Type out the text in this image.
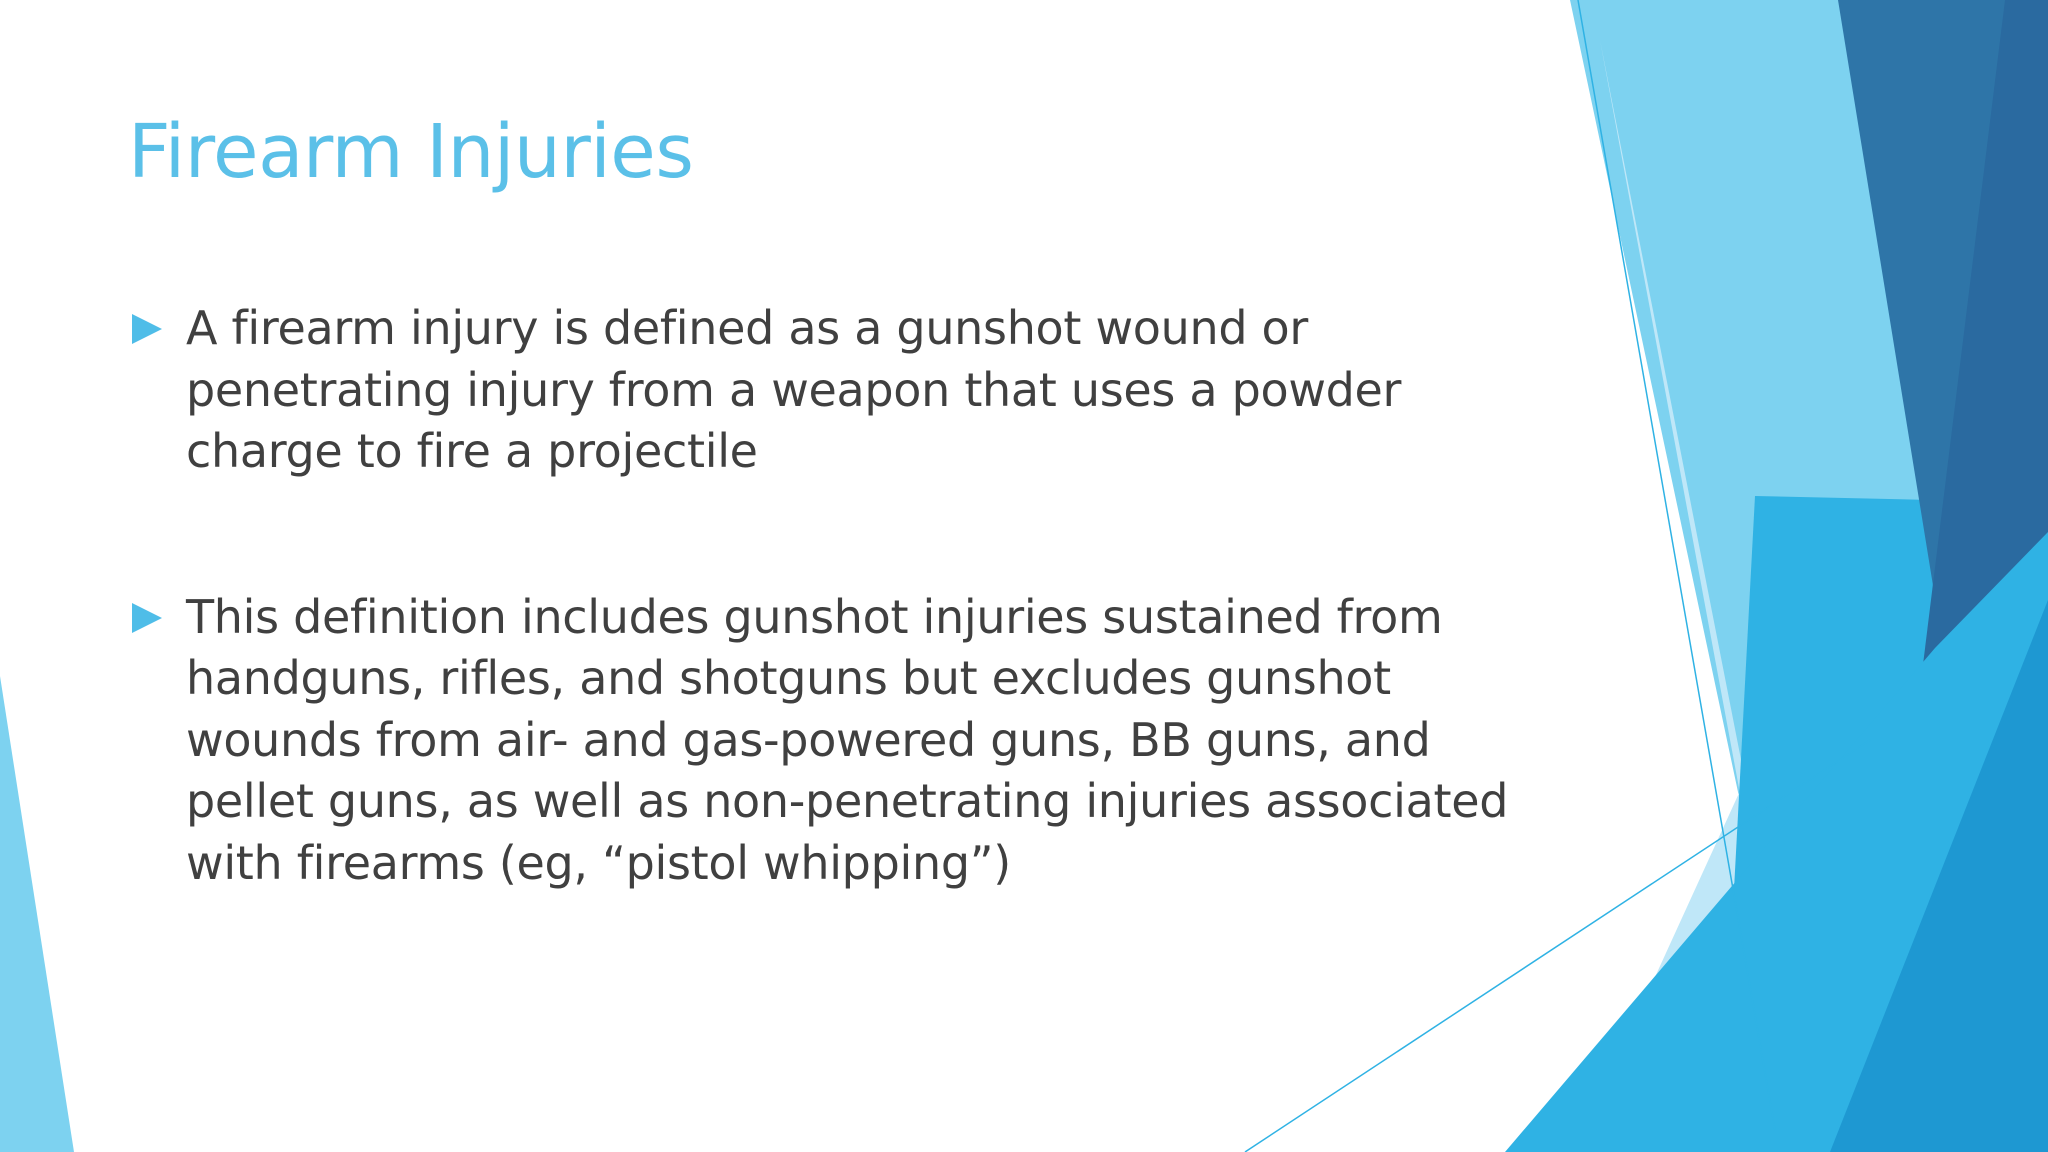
Firearm Injuries
A firearm injury is defined as a gunshot wound or
penetrating injury from a weapon that uses a powder
charge to fire a projectile
This definition includes gunshot injuries sustained from
handguns, rifles, and shotguns but excludes gunshot
wounds from air- and gas-powered guns, BB guns, and
pellet guns, as well as non-penetrating injuries associated
with firearms (eg, “pistol whipping”)
